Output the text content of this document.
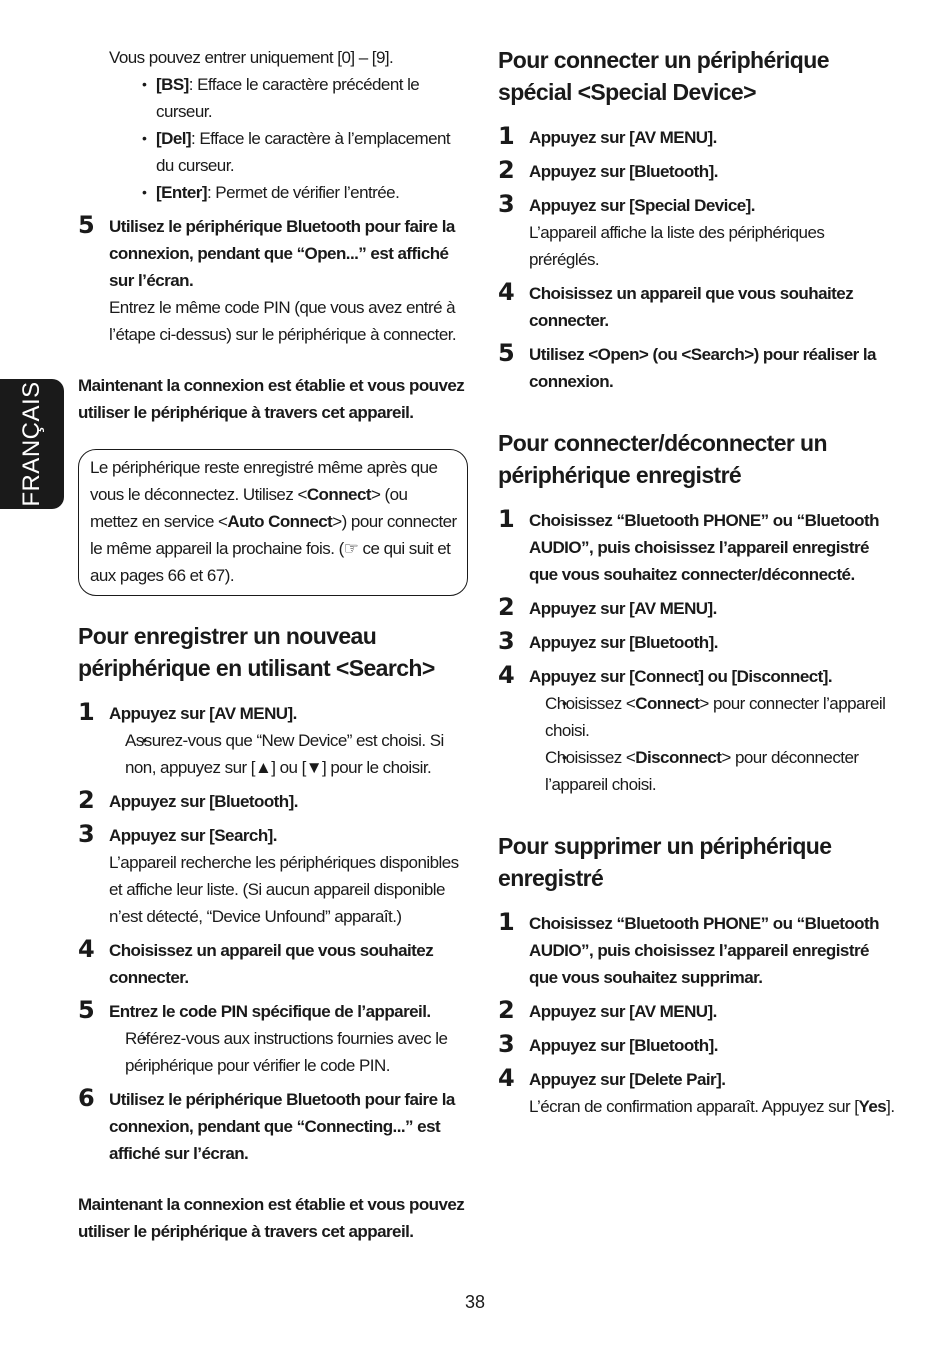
FRANÇAIS

Vous pouvez entrer uniquement [0] – [9].

• [BS]: Efface le caractère précédent le curseur.

• [Del]: Efface le caractère à l’emplacement du curseur.

• [Enter]: Permet de vérifier l’entrée.

5 Utilisez le périphérique Bluetooth pour faire la connexion, pendant que “Open...” est affiché sur l’écran.

Entrez le même code PIN (que vous avez entré à l’étape ci-dessus) sur le périphérique à connecter.

Maintenant la connexion est établie et vous pouvez utiliser le périphérique à travers cet appareil.

Le périphérique reste enregistré même après que vous le déconnectez. Utilisez <Connect> (ou mettez en service <Auto Connect>) pour connecter le même appareil la prochaine fois. (☞ ce qui suit et aux pages 66 et 67).

Pour enregistrer un nouveau périphérique en utilisant <Search>

1 Appuyez sur [AV MENU].

• Assurez-vous que “New Device” est choisi. Si non, appuyez sur [▲] ou [▼] pour le choisir.

2 Appuyez sur [Bluetooth].

3 Appuyez sur [Search].

L’appareil recherche les périphériques disponibles et affiche leur liste. (Si aucun appareil disponible n’est détecté, “Device Unfound” apparaît.)

4 Choisissez un appareil que vous souhaitez connecter.

5 Entrez le code PIN spécifique de l’appareil.

• Référez-vous aux instructions fournies avec le périphérique pour vérifier le code PIN.

6 Utilisez le périphérique Bluetooth pour faire la connexion, pendant que “Connecting...” est affiché sur l’écran.

Maintenant la connexion est établie et vous pouvez utiliser le périphérique à travers cet appareil.

Pour connecter un périphérique spécial <Special Device>

1 Appuyez sur [AV MENU].

2 Appuyez sur [Bluetooth].

3 Appuyez sur [Special Device].

L’appareil affiche la liste des périphériques préréglés.

4 Choisissez un appareil que vous souhaitez connecter.

5 Utilisez <Open> (ou <Search>) pour réaliser la connexion.

Pour connecter/déconnecter un périphérique enregistré

1 Choisissez “Bluetooth PHONE” ou “Bluetooth AUDIO”, puis choisissez l’appareil enregistré que vous souhaitez connecter/déconnecté.

2 Appuyez sur [AV MENU].

3 Appuyez sur [Bluetooth].

4 Appuyez sur [Connect] ou [Disconnect].

• Choisissez <Connect> pour connecter l’appareil choisi.

• Choisissez <Disconnect> pour déconnecter l’appareil choisi.

Pour supprimer un périphérique enregistré

1 Choisissez “Bluetooth PHONE” ou “Bluetooth AUDIO”, puis choisissez l’appareil enregistré que vous souhaitez supprimar.

2 Appuyez sur [AV MENU].

3 Appuyez sur [Bluetooth].

4 Appuyez sur [Delete Pair].

L’écran de confirmation apparaît. Appuyez sur [Yes].

38
